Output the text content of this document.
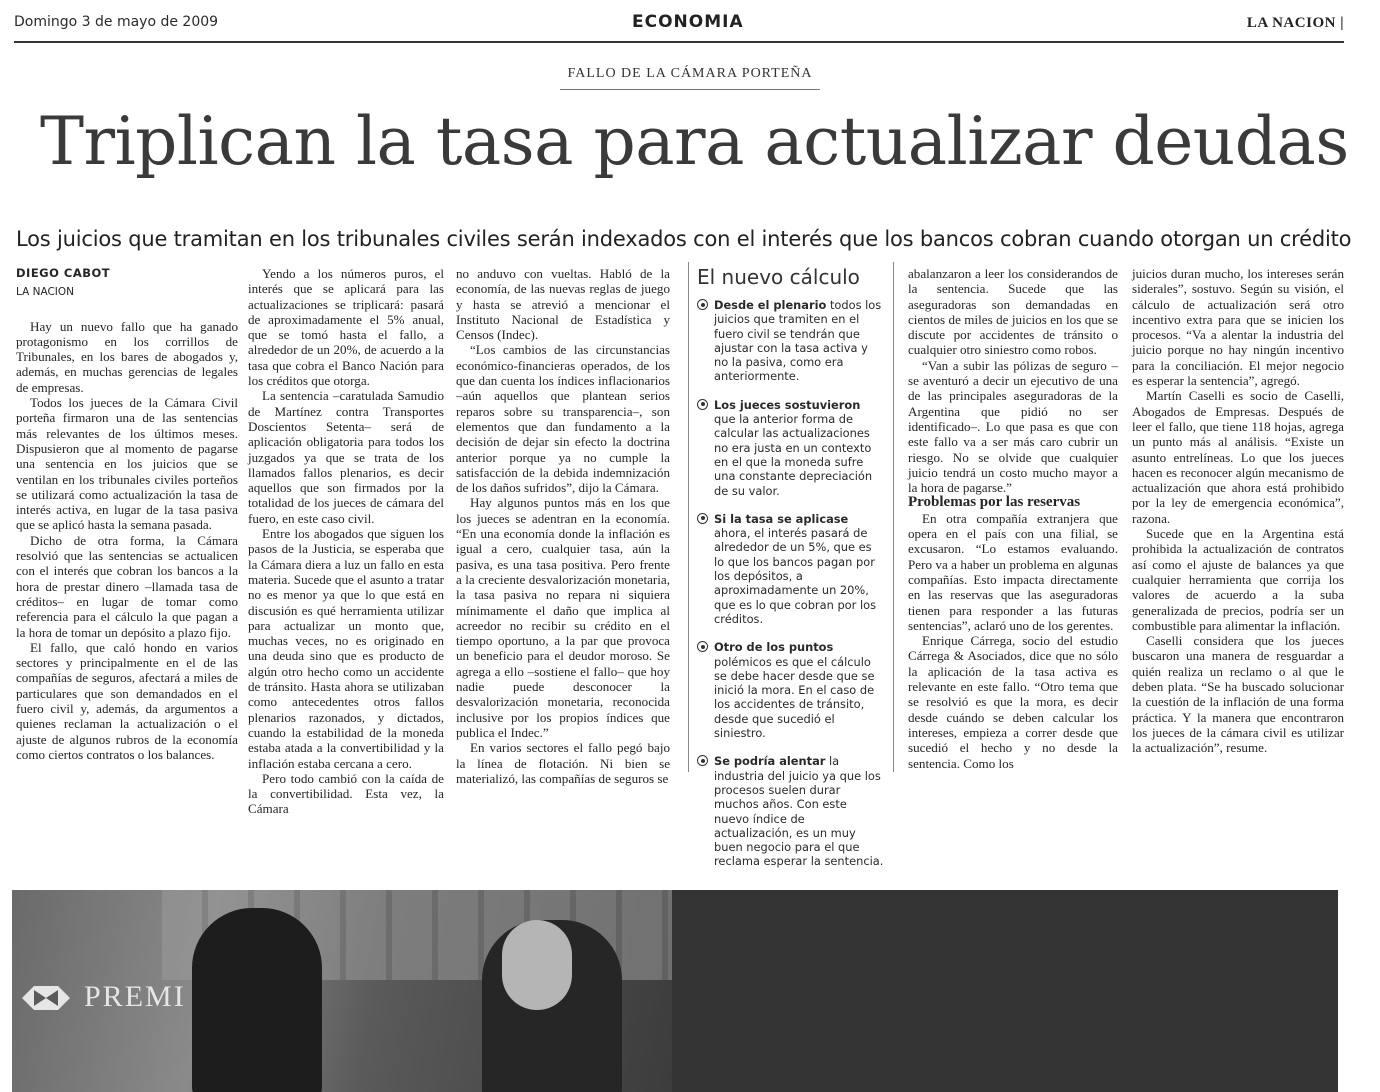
Domingo 3 de mayo de 2009	ECONOMIA	LA NACION |
FALLO DE LA CÁMARA PORTEÑA
Triplican la tasa para actualizar deudas
Los juicios que tramitan en los tribunales civiles serán indexados con el interés que los bancos cobran cuando otorgan un crédito

DIEGO CABOT

LA NACION

Hay un nuevo fallo que ha ganado protagonismo en los corrillos de Tribunales, en los bares de abogados y, además, en muchas gerencias de legales de empresas.

Todos los jueces de la Cámara Civil porteña firmaron una de las sentencias más relevantes de los últimos meses. Dispusieron que al momento de pagarse una sentencia en los juicios que se ventilan en los tribunales civiles porteños se utilizará como actualización la tasa de interés activa, en lugar de la tasa pasiva que se aplicó hasta la semana pasada.

Dicho de otra forma, la Cámara resolvió que las sentencias se actualicen con el interés que cobran los bancos a la hora de prestar dinero –llamada tasa de créditos– en lugar de tomar como referencia para el cálculo la que pagan a la hora de tomar un depósito a plazo fijo.

El fallo, que caló hondo en varios sectores y principalmente en el de las compañías de seguros, afectará a miles de particulares que son demandados en el fuero civil y, además, da argumentos a quienes reclaman la actualización o el ajuste de algunos rubros de la economía como ciertos contratos o los balances.

Yendo a los números puros, el interés que se aplicará para las actualizaciones se triplicará: pasará de aproximadamente el 5% anual, que se tomó hasta el fallo, a alrededor de un 20%, de acuerdo a la tasa que cobra el Banco Nación para los créditos que otorga.

La sentencia –caratulada Samudio de Martínez contra Transportes Doscientos Setenta– será de aplicación obligatoria para todos los juzgados ya que se trata de los llamados fallos plenarios, es decir aquellos que son firmados por la totalidad de los jueces de cámara del fuero, en este caso civil.

Entre los abogados que siguen los pasos de la Justicia, se esperaba que la Cámara diera a luz un fallo en esta materia. Sucede que el asunto a tratar no es menor ya que lo que está en discusión es qué herramienta utilizar para actualizar un monto que, muchas veces, no es originado en una deuda sino que es producto de algún otro hecho como un accidente de tránsito. Hasta ahora se utilizaban como antecedentes otros fallos plenarios razonados, y dictados, cuando la estabilidad de la moneda estaba atada a la convertibilidad y la inflación estaba cercana a cero.

Pero todo cambió con la caída de la convertibilidad. Esta vez, la Cámara

no anduvo con vueltas. Habló de la economía, de las nuevas reglas de juego y hasta se atrevió a mencionar el Instituto Nacional de Estadística y Censos (Indec).

“Los cambios de las circunstancias económico-financieras operados, de los que dan cuenta los índices inflacionarios –aún aquellos que plantean serios reparos sobre su transparencia–, son elementos que dan fundamento a la decisión de dejar sin efecto la doctrina anterior porque ya no cumple la satisfacción de la debida indemnización de los daños sufridos”, dijo la Cámara.

Hay algunos puntos más en los que los jueces se adentran en la economía. “En una economía donde la inflación es igual a cero, cualquier tasa, aún la pasiva, es una tasa positiva. Pero frente a la creciente desvalorización monetaria, la tasa pasiva no repara ni siquiera mínimamente el daño que implica al acreedor no recibir su crédito en el tiempo oportuno, a la par que provoca un beneficio para el deudor moroso. Se agrega a ello –sostiene el fallo– que hoy nadie puede desconocer la desvalorización monetaria, reconocida inclusive por los propios índices que publica el Indec.”

En varios sectores el fallo pegó bajo la línea de flotación. Ni bien se materializó, las compañías de seguros se

El nuevo cálculo
Desde el plenario todos los juicios que tramiten en el fuero civil se tendrán que ajustar con la tasa activa y no la pasiva, como era anteriormente.
Los jueces sostuvieron que la anterior forma de calcular las actualizaciones no era justa en un contexto en el que la moneda sufre una constante depreciación de su valor.
Si la tasa se aplicase ahora, el interés pasará de alrededor de un 5%, que es lo que los bancos pagan por los depósitos, a aproximadamente un 20%, que es lo que cobran por los créditos.
Otro de los puntos polémicos es que el cálculo se debe hacer desde que se inició la mora. En el caso de los accidentes de tránsito, desde que sucedió el siniestro.
Se podría alentar la industria del juicio ya que los procesos suelen durar muchos años. Con este nuevo índice de actualización, es un muy buen negocio para el que reclama esperar la sentencia.

abalanzaron a leer los considerandos de la sentencia. Sucede que las aseguradoras son demandadas en cientos de miles de juicios en los que se discute por accidentes de tránsito o cualquier otro siniestro como robos.

“Van a subir las pólizas de seguro –se aventuró a decir un ejecutivo de una de las principales aseguradoras de la Argentina que pidió no ser identificado–. Lo que pasa es que con este fallo va a ser más caro cubrir un riesgo. No se olvide que cualquier juicio tendrá un costo mucho mayor a la hora de pagarse.”

Problemas por las reservas

En otra compañía extranjera que opera en el país con una filial, se excusaron. “Lo estamos evaluando. Pero va a haber un problema en algunas compañías. Esto impacta directamente en las reservas que las aseguradoras tienen para responder a las futuras sentencias”, aclaró uno de los gerentes.

Enrique Cárrega, socio del estudio Cárrega & Asociados, dice que no sólo la aplicación de la tasa activa es relevante en este fallo. “Otro tema que se resolvió es que la mora, es decir desde cuándo se deben calcular los intereses, empieza a correr desde que sucedió el hecho y no desde la sentencia. Como los

juicios duran mucho, los intereses serán siderales”, sostuvo. Según su visión, el cálculo de actualización será otro incentivo extra para que se inicien los procesos. “Va a alentar la industria del juicio porque no hay ningún incentivo para la conciliación. El mejor negocio es esperar la sentencia”, agregó.

Martín Caselli es socio de Caselli, Abogados de Empresas. Después de leer el fallo, que tiene 118 hojas, agrega un punto más al análisis. “Existe un asunto entrelíneas. Lo que los jueces hacen es reconocer algún mecanismo de actualización que ahora está prohibido por la ley de emergencia económica”, razona.

Sucede que en la Argentina está prohibida la actualización de contratos así como el ajuste de balances ya que cualquier herramienta que corrija los valores de acuerdo a la suba generalizada de precios, podría ser un combustible para alimentar la inflación.

Caselli considera que los jueces buscaron una manera de resguardar a quién realiza un reclamo o al que le deben plata. “Se ha buscado solucionar la cuestión de la inflación de una forma práctica. Y la manera que encontraron los jueces de la cámara civil es utilizar la actualización”, resume.

PREMI
